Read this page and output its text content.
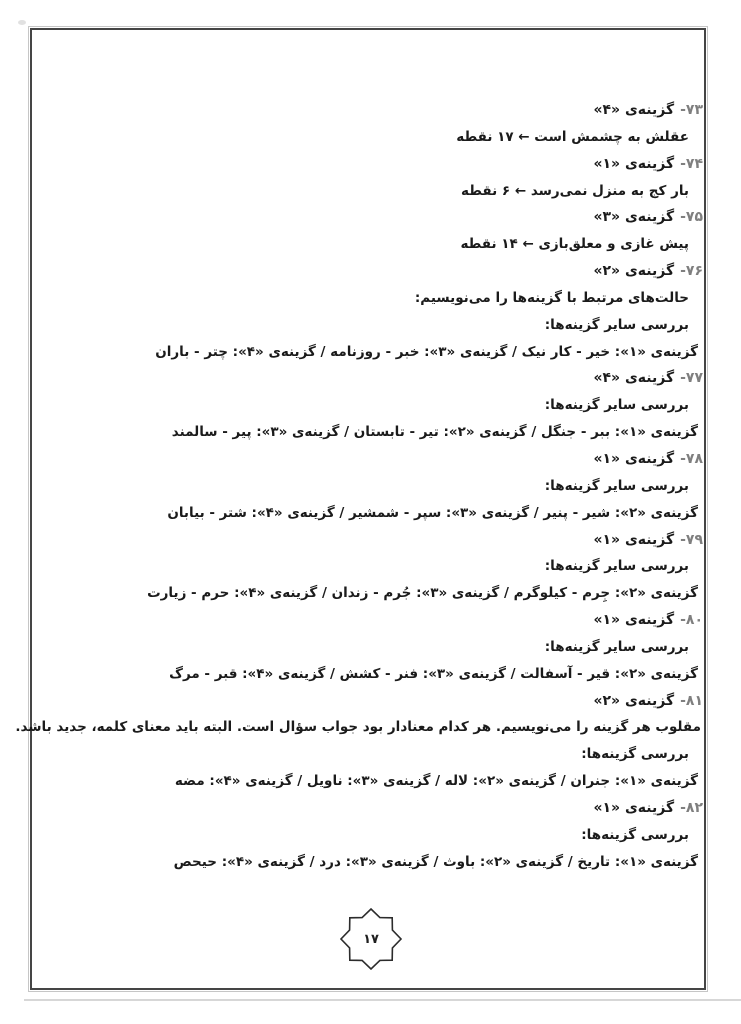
۷۳-گزینه‌ی «۴»
عقلش به چشمش است ← ۱۷ نقطه
۷۴-گزینه‌ی «۱»
بار کج به منزل نمی‌رسد ← ۶ نقطه
۷۵-گزینه‌ی «۳»
پیش غازی و معلق‌بازی ← ۱۴ نقطه
۷۶-گزینه‌ی «۲»
حالت‌های مرتبط با گزینه‌ها را می‌نویسیم:
بررسی سایر گزینه‌ها:
گزینه‌ی «۱»: خیر - کار نیک / گزینه‌ی «۳»: خبر - روزنامه / گزینه‌ی «۴»: چتر - باران
۷۷-گزینه‌ی «۴»
بررسی سایر گزینه‌ها:
گزینه‌ی «۱»: ببر - جنگل / گزینه‌ی «۲»: تیر - تابستان / گزینه‌ی «۳»: پیر - سالمند
۷۸-گزینه‌ی «۱»
بررسی سایر گزینه‌ها:
گزینه‌ی «۲»: شیر - پنیر / گزینه‌ی «۳»: سپر - شمشیر / گزینه‌ی «۴»: شتر - بیابان
۷۹-گزینه‌ی «۱»
بررسی سایر گزینه‌ها:
گزینه‌ی «۲»: جِرم - کیلوگرم / گزینه‌ی «۳»: جُرم - زندان / گزینه‌ی «۴»: حرم - زیارت
۸۰-گزینه‌ی «۱»
بررسی سایر گزینه‌ها:
گزینه‌ی «۲»: قیر - آسفالت / گزینه‌ی «۳»: فنر - کشش / گزینه‌ی «۴»: قبر - مرگ
۸۱-گزینه‌ی «۲»
مقلوب هر گزینه را می‌نویسیم. هر کدام معنادار بود جواب سؤال است. البته باید معنای کلمه، جدید باشد.
بررسی گزینه‌ها:
گزینه‌ی «۱»: جنران / گزینه‌ی «۲»: لاله / گزینه‌ی «۳»: ناویل / گزینه‌ی «۴»: مضه
۸۲-گزینه‌ی «۱»
بررسی گزینه‌ها:
گزینه‌ی «۱»: تاریخ / گزینه‌ی «۲»: باوث / گزینه‌ی «۳»: درد / گزینه‌ی «۴»: حیحص
۱۷
